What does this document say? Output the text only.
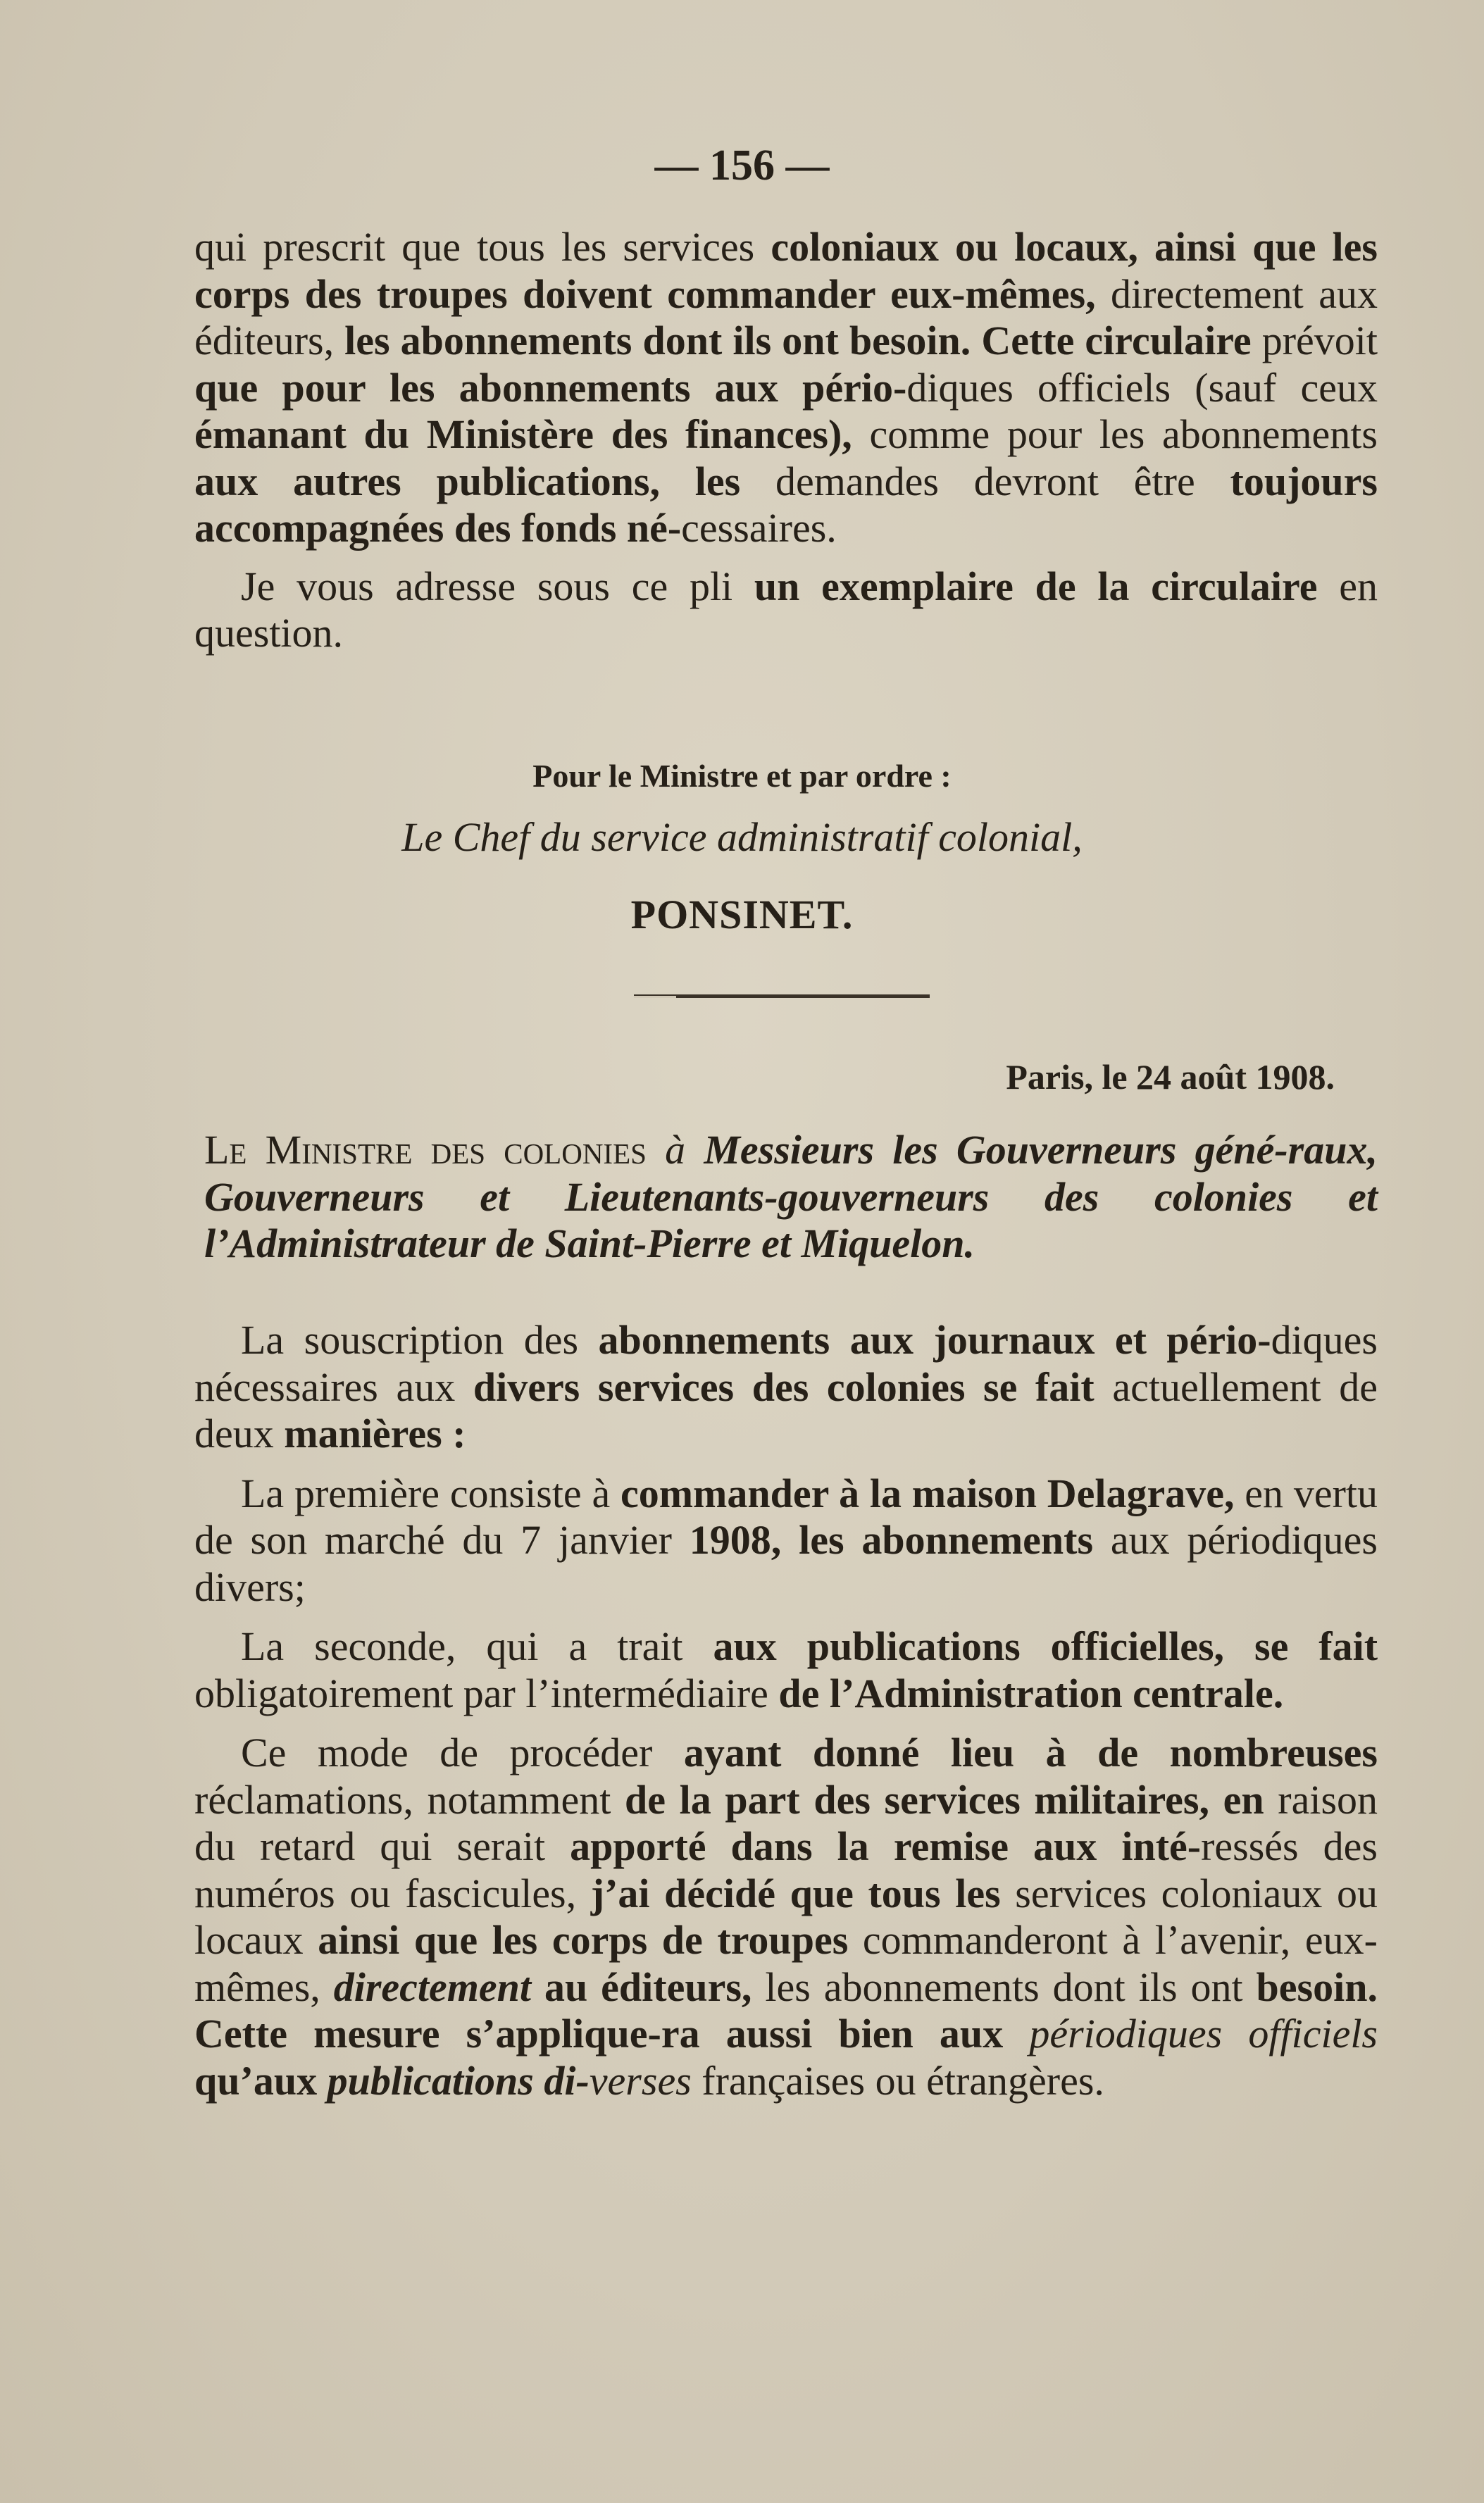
— 156 —

qui prescrit que tous les services coloniaux ou locaux, ainsi que les corps des troupes doivent commander eux-mêmes, directement aux éditeurs, les abonnements dont ils ont besoin. Cette circulaire prévoit que pour les abonnements aux pério-diques officiels (sauf ceux émanant du Ministère des finances), comme pour les abonnements aux autres publications, les demandes devront être toujours accompagnées des fonds né-cessaires.

Je vous adresse sous ce pli un exemplaire de la circulaire en question.

Pour le Ministre et par ordre :
Le Chef du service administratif colonial,
PONSINET.
Paris, le 24 août 1908.

Le Ministre des colonies à Messieurs les Gouverneurs géné-raux, Gouverneurs et Lieutenants-gouverneurs des colonies et l’Administrateur de Saint-Pierre et Miquelon.

La souscription des abonnements aux journaux et pério-diques nécessaires aux divers services des colonies se fait actuellement de deux manières :

La première consiste à commander à la maison Delagrave, en vertu de son marché du 7 janvier 1908, les abonnements aux périodiques divers;

La seconde, qui a trait aux publications officielles, se fait obligatoirement par l’intermédiaire de l’Administration centrale.

Ce mode de procéder ayant donné lieu à de nombreuses réclamations, notamment de la part des services militaires, en raison du retard qui serait apporté dans la remise aux inté-ressés des numéros ou fascicules, j’ai décidé que tous les services coloniaux ou locaux ainsi que les corps de troupes commanderont à l’avenir, eux-mêmes, directement au éditeurs, les abonnements dont ils ont besoin. Cette mesure s’applique-ra aussi bien aux périodiques officiels qu’aux publications di-verses françaises ou étrangères.
